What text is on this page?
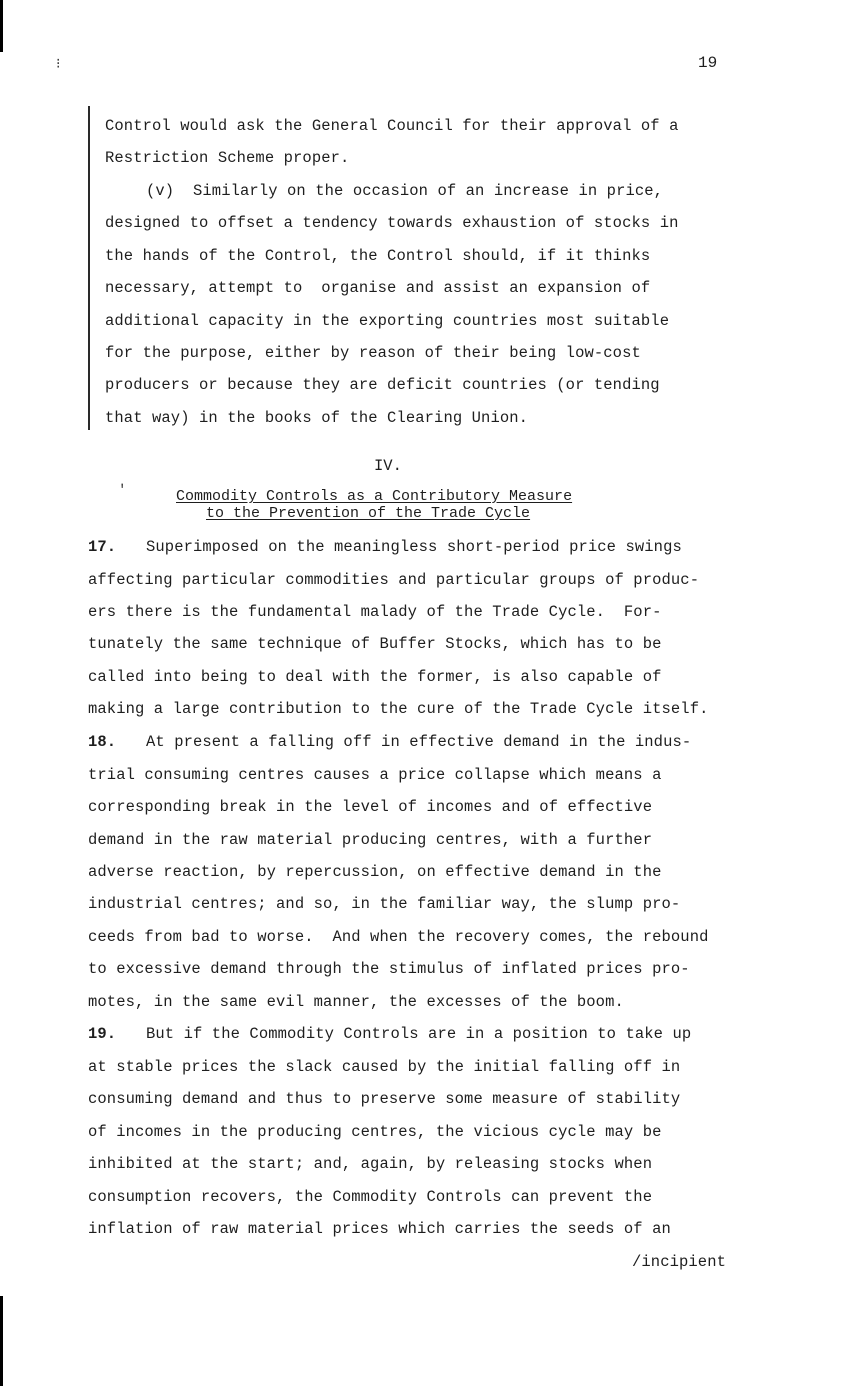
⁝
ʹ
19
Control would ask the General Council for their approval of a
Restriction Scheme proper.
(v)  Similarly on the occasion of an increase in price,
designed to offset a tendency towards exhaustion of stocks in
the hands of the Control, the Control should, if it thinks
necessary, attempt to  organise and assist an expansion of
additional capacity in the exporting countries most suitable
for the purpose, either by reason of their being low-cost
producers or because they are deficit countries (or tending
that way) in the books of the Clearing Union.
IV.
Commodity Controls as a Contributory Measure
to the Prevention of the Trade Cycle
17. Superimposed on the meaningless short-period price swings
affecting particular commodities and particular groups of produc-
ers there is the fundamental malady of the Trade Cycle.  For-
tunately the same technique of Buffer Stocks, which has to be
called into being to deal with the former, is also capable of
making a large contribution to the cure of the Trade Cycle itself.
18. At present a falling off in effective demand in the indus-
trial consuming centres causes a price collapse which means a
corresponding break in the level of incomes and of effective
demand in the raw material producing centres, with a further
adverse reaction, by repercussion, on effective demand in the
industrial centres; and so, in the familiar way, the slump pro-
ceeds from bad to worse.  And when the recovery comes, the rebound
to excessive demand through the stimulus of inflated prices pro-
motes, in the same evil manner, the excesses of the boom.
19. But if the Commodity Controls are in a position to take up
at stable prices the slack caused by the initial falling off in
consuming demand and thus to preserve some measure of stability
of incomes in the producing centres, the vicious cycle may be
inhibited at the start; and, again, by releasing stocks when
consumption recovers, the Commodity Controls can prevent the
inflation of raw material prices which carries the seeds of an
/incipient
